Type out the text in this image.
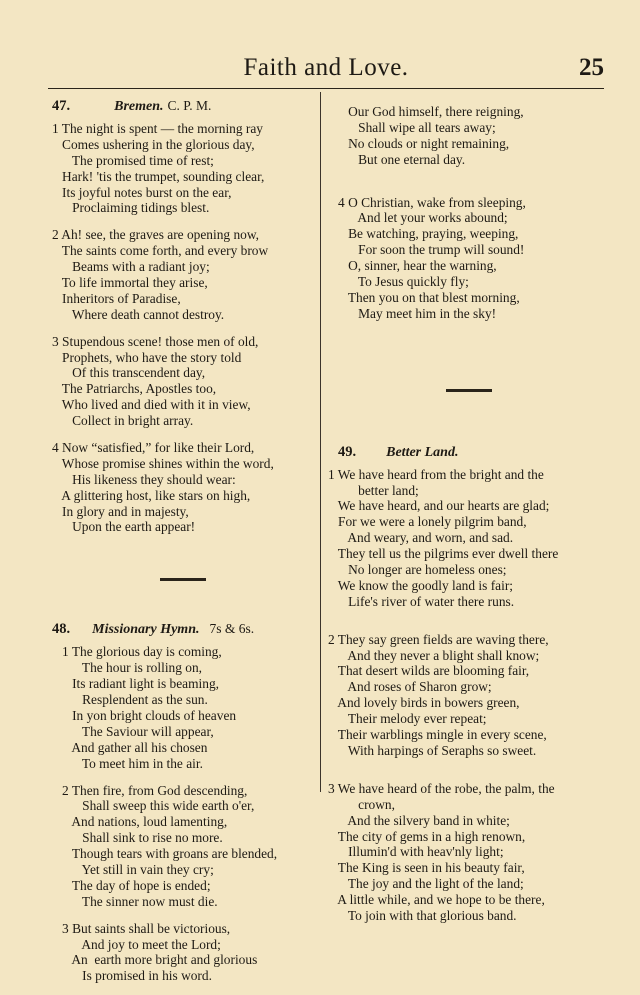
Faith and Love.	25
47.	Bremen. C. P. M.
1 The night is spent — the morning ray
Comes ushering in the glorious day,
The promised time of rest;
Hark! 'tis the trumpet, sounding clear,
Its joyful notes burst on the ear,
Proclaiming tidings blest.
2 Ah! see, the graves are opening now,
The saints come forth, and every brow
Beams with a radiant joy;
To life immortal they arise,
Inheritors of Paradise,
Where death cannot destroy.
3 Stupendous scene! those men of old,
Prophets, who have the story told
Of this transcendent day,
The Patriarchs, Apostles too,
Who lived and died with it in view,
Collect in bright array.
4 Now “satisfied,” for like their Lord,
Whose promise shines within the word,
His likeness they should wear:
A glittering host, like stars on high,
In glory and in majesty,
Upon the earth appear!
48. Missionary Hymn. 7s & 6s.
1 The glorious day is coming,
The hour is rolling on,
Its radiant light is beaming,
Resplendent as the sun.
In yon bright clouds of heaven
The Saviour will appear,
And gather all his chosen
To meet him in the air.
2 Then fire, from God descending,
Shall sweep this wide earth o'er,
And nations, loud lamenting,
Shall sink to rise no more.
Though tears with groans are blended,
Yet still in vain they cry;
The day of hope is ended;
The sinner now must die.
3 But saints shall be victorious,
And joy to meet the Lord;
An  earth more bright and glorious
Is promised in his word.
Our God himself, there reigning,
Shall wipe all tears away;
No clouds or night remaining,
But one eternal day.
4 O Christian, wake from sleeping,
And let your works abound;
Be watching, praying, weeping,
For soon the trump will sound!
O, sinner, hear the warning,
To Jesus quickly fly;
Then you on that blest morning,
May meet him in the sky!
49. Better Land.
1 We have heard from the bright and the
better land;
We have heard, and our hearts are glad;
For we were a lonely pilgrim band,
And weary, and worn, and sad.
They tell us the pilgrims ever dwell there
No longer are homeless ones;
We know the goodly land is fair;
Life's river of water there runs.
2 They say green fields are waving there,
And they never a blight shall know;
That desert wilds are blooming fair,
And roses of Sharon grow;
And lovely birds in bowers green,
Their melody ever repeat;
Their warblings mingle in every scene,
With harpings of Seraphs so sweet.
3 We have heard of the robe, the palm, the
crown,
And the silvery band in white;
The city of gems in a high renown,
Illumin'd with heav'nly light;
The King is seen in his beauty fair,
The joy and the light of the land;
A little while, and we hope to be there,
To join with that glorious band.
